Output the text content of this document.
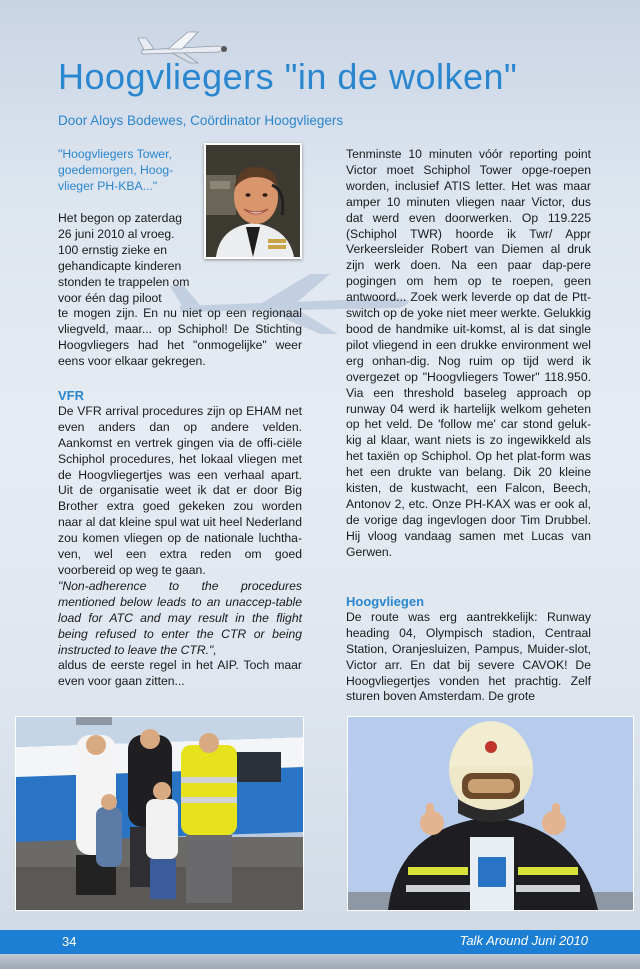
Hoogvliegers "in de wolken"
Door Aloys Bodewes, Coördinator Hoogvliegers
"Hoogvliegers Tower, goedemorgen, Hoog-vlieger PH-KBA..."
Het begon op zaterdag 26 juni 2010 al vroeg. 100 ernstig zieke en gehandicapte kinderen stonden te trappelen om voor één dag piloot
te mogen zijn. En nu niet op een regionaal vliegveld, maar... op Schiphol! De Stichting Hoogvliegers had het "onmogelijke" weer eens voor elkaar gekregen.

VFR

De VFR arrival procedures zijn op EHAM net even anders dan op andere velden. Aankomst en vertrek gingen via de offi-ciële Schiphol procedures, het lokaal vliegen met de Hoogvliegertjes was een verhaal apart. Uit de organisatie weet ik dat er door Big Brother extra goed gekeken zou worden naar al dat kleine spul wat uit heel Nederland zou komen vliegen op de nationale luchtha-ven, wel een extra reden om goed voorbereid op weg te gaan.

"Non-adherence to the procedures mentioned below leads to an unaccep-table load for ATC and may result in the flight being refused to enter the CTR or being instructed to leave the CTR.",

aldus de eerste regel in het AIP. Toch maar even voor gaan zitten...

Tenminste 10 minuten vóór reporting point Victor moet Schiphol Tower opge-roepen worden, inclusief ATIS letter. Het was maar amper 10 minuten vliegen naar Victor, dus dat werd even doorwerken. Op 119.225 (Schiphol TWR) hoorde ik Twr/ Appr Verkeersleider Robert van Diemen al druk zijn werk doen. Na een paar dap-pere pogingen om hem op te roepen, geen antwoord... Zoek werk leverde op dat de Ptt-switch op de yoke niet meer werkte. Gelukkig bood de handmike uit-komst, al is dat single pilot vliegend in een drukke environment wel erg onhan-dig. Nog ruim op tijd werd ik overgezet op "Hoogvliegers Tower" 118.950. Via een threshold baseleg approach op runway 04 werd ik hartelijk welkom geheten op het veld. De 'follow me' car stond geluk-kig al klaar, want niets is zo ingewikkeld als het taxiën op Schiphol. Op het plat-form was het een drukte van belang. Dik 20 kleine kisten, de kustwacht, een Falcon, Beech, Antonov 2, etc. Onze PH-KAX was er ook al, de vorige dag ingevlogen door Tim Drubbel. Hij vloog vandaag samen met Lucas van Gerwen.

Hoogvliegen

De route was erg aantrekkelijk: Runway heading 04, Olympisch stadion, Centraal Station, Oranjesluizen, Pampus, Muider-slot, Victor arr. En dat bij severe CAVOK! De Hoogvliegertjes vonden het prachtig. Zelf sturen boven Amsterdam. De grote

34	Talk Around Juni 2010
